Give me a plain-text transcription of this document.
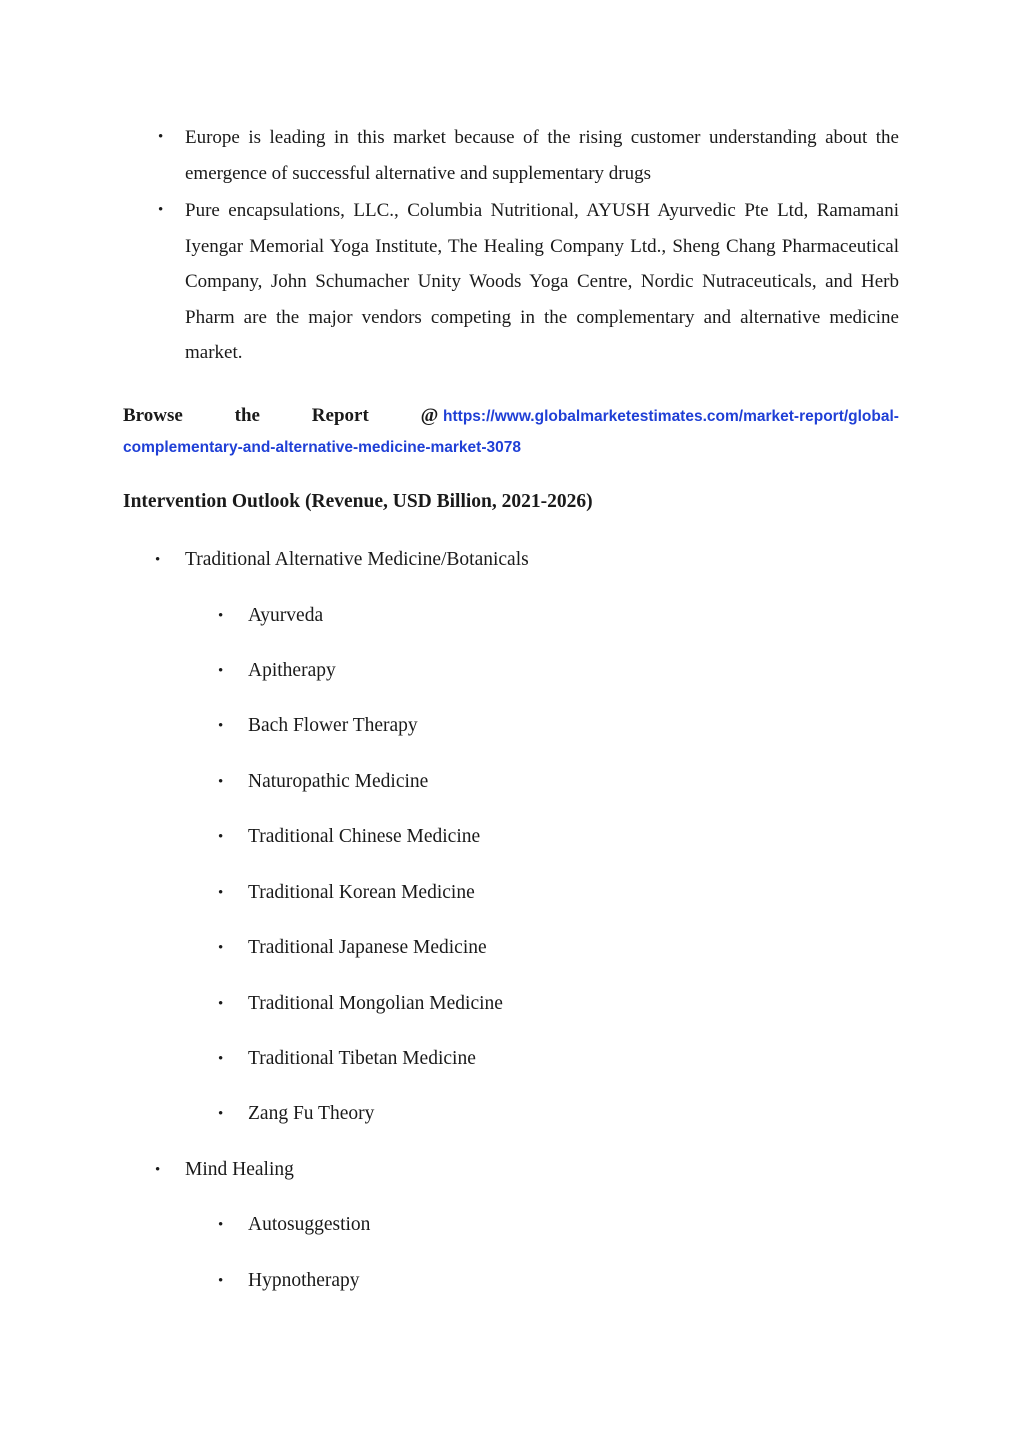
• Europe is leading in this market because of the rising customer understanding about the emergence of successful alternative and supplementary drugs
• Pure encapsulations, LLC., Columbia Nutritional, AYUSH Ayurvedic Pte Ltd, Ramamani Iyengar Memorial Yoga Institute, The Healing Company Ltd., Sheng Chang Pharmaceutical Company, John Schumacher Unity Woods Yoga Centre, Nordic Nutraceuticals, and Herb Pharm are the major vendors competing in the complementary and alternative medicine market.
Browse	the	Report	@ https://www.globalmarketestimates.com/market-report/global-
complementary-and-alternative-medicine-market-3078
Intervention Outlook (Revenue, USD Billion, 2021-2026)
• Traditional Alternative Medicine/Botanicals
• Ayurveda
• Apitherapy
• Bach Flower Therapy
• Naturopathic Medicine
• Traditional Chinese Medicine
• Traditional Korean Medicine
• Traditional Japanese Medicine
• Traditional Mongolian Medicine
• Traditional Tibetan Medicine
• Zang Fu Theory
• Mind Healing
• Autosuggestion
• Hypnotherapy
